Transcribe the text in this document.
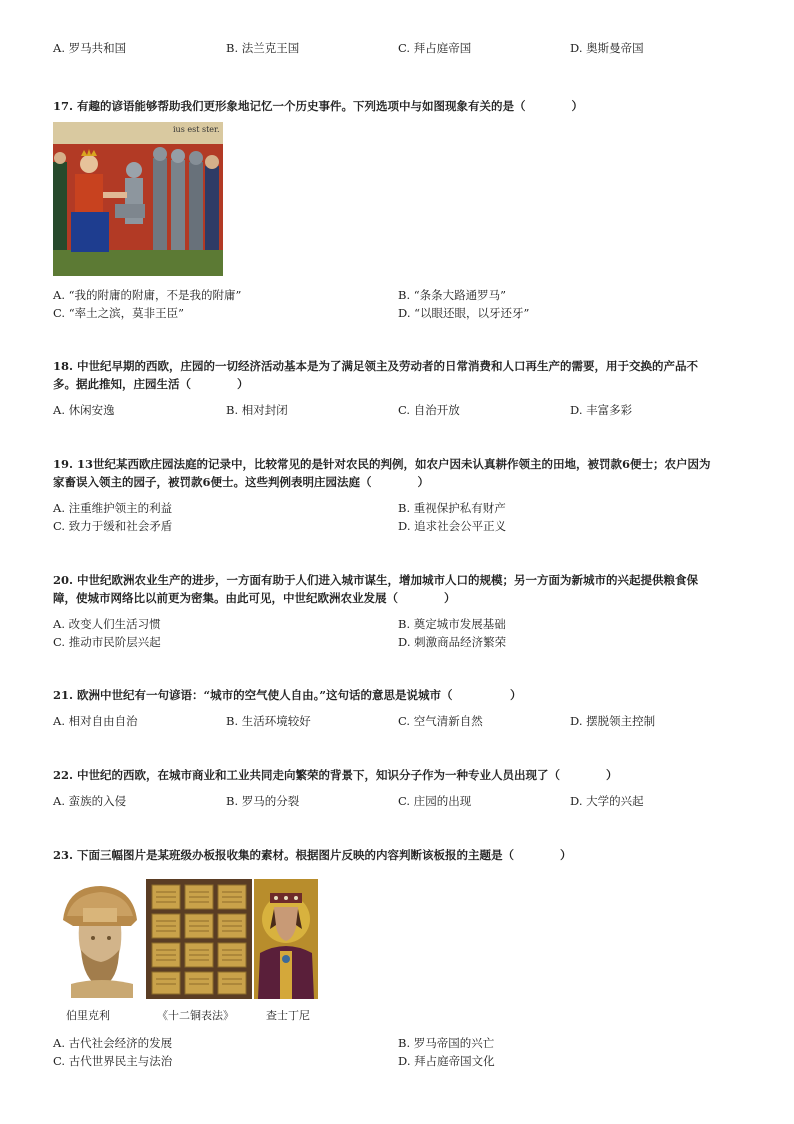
A. 罗马共和国	B. 法兰克王国	C. 拜占庭帝国	D. 奥斯曼帝国
17. 有趣的谚语能够帮助我们更形象地记忆一个历史事件。下列选项中与如图现象有关的是（　　　　）
ius est ster.
A. “我的附庸的附庸，不是我的附庸”	B. “条条大路通罗马”
C. “率土之滨，莫非王臣”	D. “以眼还眼，以牙还牙”
18. 中世纪早期的西欧，庄园的一切经济活动基本是为了满足领主及劳动者的日常消费和人口再生产的需要，用于交换的产品不
多。据此推知，庄园生活（　　　　）
A. 休闲安逸	B. 相对封闭	C. 自治开放	D. 丰富多彩
19. 13世纪某西欧庄园法庭的记录中，比较常见的是针对农民的判例，如农户因未认真耕作领主的田地，被罚款6便士；农户因为
家畜误入领主的园子，被罚款6便士。这些判例表明庄园法庭（　　　　）
A. 注重维护领主的利益	B. 重视保护私有财产
C. 致力于缓和社会矛盾	D. 追求社会公平正义
20. 中世纪欧洲农业生产的进步，一方面有助于人们进入城市谋生，增加城市人口的规模；另一方面为新城市的兴起提供粮食保
障，使城市网络比以前更为密集。由此可见，中世纪欧洲农业发展（　　　　）
A. 改变人们生活习惯	B. 奠定城市发展基础
C. 推动市民阶层兴起	D. 刺激商品经济繁荣
21. 欧洲中世纪有一句谚语：“城市的空气使人自由。”这句话的意思是说城市（　　　　　）
A. 相对自由自治	B. 生活环境较好	C. 空气清新自然	D. 摆脱领主控制
22. 中世纪的西欧，在城市商业和工业共同走向繁荣的背景下，知识分子作为一种专业人员出现了（　　　　）
A. 蛮族的入侵	B. 罗马的分裂	C. 庄园的出现	D. 大学的兴起
23. 下面三幅图片是某班级办板报收集的素材。根据图片反映的内容判断该板报的主题是（　　　　）
伯里克利	《十二铜表法》	查士丁尼
A. 古代社会经济的发展	B. 罗马帝国的兴亡
C. 古代世界民主与法治	D. 拜占庭帝国文化
